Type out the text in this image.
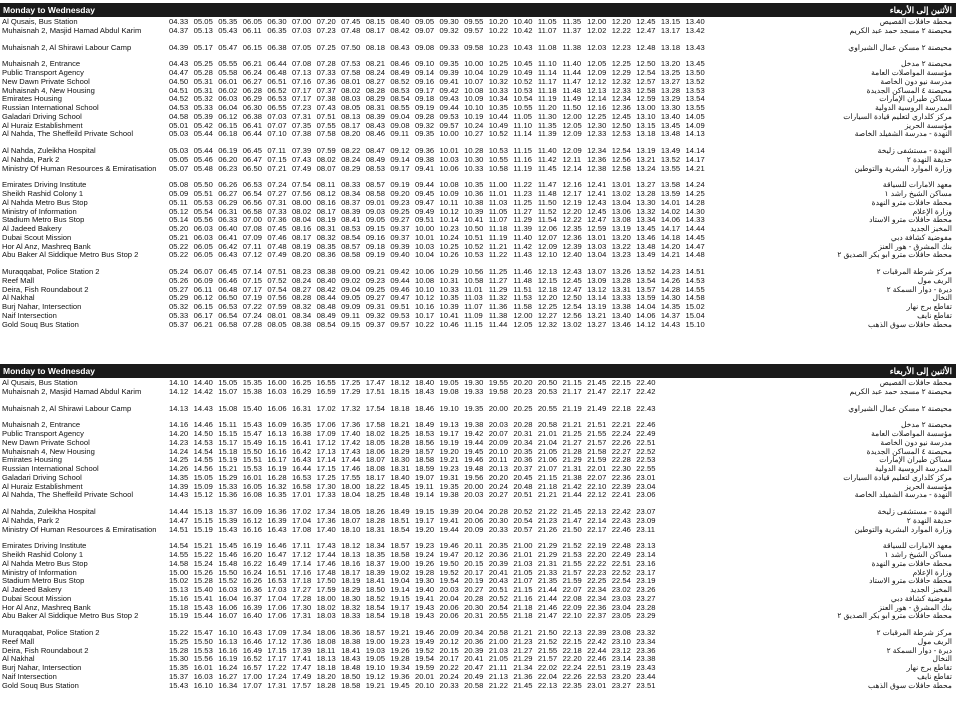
Monday to Wednesday	الأثنين إلى الأربعاء
Al Qusais, Bus Station	04.33 05.05 05.35 06.05 06.30 07.00 07.20 07.45 08.15 08.40 09.05 09.30 09.55 10.20 10.40 11.05 11.35 12.00 12.20 12.45 13.15 13.40	محطة حافلات القصيص
Muhaisnah 2, Masjid Hamad Abdul Karim	04.37 05.13 05.43 06.11 06.35 07.03 07.23 07.48 08.17 08.42 09.07 09.32 09.57 10.22 10.42 11.07 11.37 12.02 12.22 12.47 13.17 13.42	محيصنة ٢ مسجد حمد عبد الكريم
Muhaisnah 2, Al Shirawi Labour Camp	04.39 05.17 05.47 06.15 06.38 07.05 07.25 07.50 08.18 08.43 09.08 09.33 09.58 10.23 10.43 11.08 11.38 12.03 12.23 12.48 13.18 13.43	محيصنة ٢ مسكن عمال الشيراوي
Muhaisnah 2, Entrance	04.43 05.25 05.55 06.21 06.44 07.08 07.28 07.53 08.21 08.46 09.10 09.35 10.00 10.25 10.45 11.10 11.40 12.05 12.25 12.50 13.20 13.45	محيصنة ٢ مدخل
Public Transport Agency	04.47 05.28 05.58 06.24 06.48 07.13 07.33 07.58 08.24 08.49 09.14 09.39 10.04 10.29 10.49 11.14 11.44 12.09 12.29 12.54 13.25 13.50	مؤسسة المواصلات العامة
New Dawn Private School	04.50 05.31 06.01 06.27 06.51 07.16 07.36 08.01 08.27 08.52 09.16 09.41 10.07 10.32 10.52 11.17 11.47 12.12 12.32 12.57 13.27 13.52	مدرسة نيو دون الخاصة
Muhaisnah 4, New Housing	04.51 05.31 06.02 06.28 06.52 07.17 07.37 08.02 08.28 08.53 09.17 09.42 10.08 10.33 10.53 11.18 11.48 12.13 12.33 12.58 13.28 13.53	محيصنة ٤ المساكن الجديدة
Emirates Housing	04.52 05.32 06.03 06.29 06.53 07.17 07.38 08.03 08.29 08.54 09.18 09.43 10.09 10.34 10.54 11.19 11.49 12.14 12.34 12.59 13.29 13.54	مساكن طيران الإمارات
Russian International School	04.53 05.33 06.04 06.30 06.55 07.23 07.43 08.05 08.31 08.55 09.19 09.44 10.10 10.35 10.55 11.20 11.50 12.16 12.36 13.00 13.30 13.55	المدرسة الروسية الدولية
Galadari Driving School	04.58 05.39 06.12 06.38 07.03 07.31 07.51 08.13 08.39 09.04 09.28 09.53 10.19 10.44 11.05 11.30 12.00 12.25 12.45 13.10 13.40 14.05	مركز كلداري لتعليم قيادة السيارات
Al Huraiz Establishment	05.01 05.42 06.15 06.41 07.07 07.35 07.55 08.17 08.43 09.08 09.32 09.57 10.24 10.49 11.10 11.35 12.05 12.30 12.50 13.15 13.45 14.09	مؤسسة الحريز
Al Nahda, The Sheffeild Private School	05.03 05.44 06.18 06.44 07.10 07.38 07.58 08.20 08.46 09.11 09.35 10.00 10.27 10.52 11.14 11.39 12.09 12.33 12.53 13.18 13.48 14.13	النهدة - مدرسة الشفيلد الخاصة
Al Nahda, Zuleikha Hospital	05.03 05.44 06.19 06.45 07.11 07.39 07.59 08.22 08.47 09.12 09.36 10.01 10.28 10.53 11.15 11.40 12.09 12.34 12.54 13.19 13.49 14.14	النهدة - مستشفى زليخة
Al Nahda, Park 2	05.05 05.46 06.20 06.47 07.15 07.43 08.02 08.24 08.49 09.14 09.38 10.03 10.30 10.55 11.16 11.42 12.11 12.36 12.56 13.21 13.52 14.17	حديقة النهدة ٢
Ministry Of Human Resources & Emiratisation	05.07 05.48 06.23 06.50 07.21 07.49 08.07 08.29 08.53 09.17 09.41 10.06 10.33 10.58 11.19 11.45 12.14 12.38 12.58 13.24 13.55 14.21	وزارة الموارد البشرية والتوطين
Emirates Driving Institute	05.08 05.50 06.26 06.53 07.24 07.54 08.11 08.33 08.57 09.19 09.44 10.08 10.35 11.00 11.22 11.47 12.16 12.41 13.01 13.27 13.58 14.24	معهد الامارات للسياقة
Sheikh Rashid Colony 1	05.09 05.51 06.27 06.54 07.27 07.56 08.12 08.34 08.58 09.20 09.45 10.09 10.36 11.01 11.23 11.48 12.17 12.41 13.02 13.28 13.59 14.25	مساكن الشيخ راشد ١
Al Nahda Metro Bus Stop	05.11 05.53 06.29 06.56 07.31 08.00 08.16 08.37 09.01 09.23 09.47 10.11 10.38 11.03 11.25 11.50 12.19 12.43 13.04 13.30 14.01 14.28	محطة حافلات مترو النهدة
Ministry of Information	05.12 05.54 06.31 06.58 07.33 08.02 08.17 08.39 09.03 09.25 09.49 10.12 10.39 11.05 11.27 11.52 12.20 12.45 13.06 13.32 14.02 14.30	وزارة الإعلام
Stadium Metro Bus Stop	05.14 05.56 06.33 07.00 07.36 08.04 08.19 08.41 09.05 09.27 09.51 10.14 10.41 11.07 11.29 11.54 12.22 12.47 13.08 13.34 14.06 14.33	محطة حافلات مترو الاستاد
Al Jadeed Bakery	05.20 06.03 06.40 07.08 07.45 08.16 08.31 08.53 09.15 09.37 10.00 10.23 10.50 11.18 11.39 12.06 12.35 12.59 13.19 13.45 14.17 14.44	المخبز الجديد
Dubai Scout Mission	05.21 06.03 06.41 07.09 07.46 08.17 08.32 08.54 09.16 09.37 10.01 10.24 10.51 11.19 11.40 12.07 12.36 13.01 13.20 13.46 14.18 14.45	مفوضية كشافة دبي
Hor Al Anz, Mashreq Bank	05.22 06.05 06.42 07.11 07.48 08.19 08.35 08.57 09.18 09.39 10.03 10.25 10.52 11.21 11.42 12.09 12.39 13.03 13.22 13.48 14.20 14.47	بنك المشرق - هور العنز
Abu Baker Al Siddique Metro Bus Stop 2	05.22 06.05 06.43 07.12 07.49 08.20 08.36 08.58 09.19 09.40 10.04 10.26 10.53 11.22 11.43 12.10 12.40 13.04 13.23 13.49 14.21 14.48	محطة حافلات مترو أبو بكر الصديق ٢
Muraqqabat, Police Station 2	05.24 06.07 06.45 07.14 07.51 08.23 08.38 09.00 09.21 09.42 10.06 10.29 10.56 11.25 11.46 12.13 12.43 13.07 13.26 13.52 14.23 14.51	مركز شرطة المرقبات ٢
Reef Mall	05.26 06.09 06.46 07.15 07.52 08.24 08.40 09.02 09.23 09.44 10.08 10.31 10.58 11.27 11.48 12.15 12.45 13.09 13.28 13.54 14.26 14.53	الريف مول
Deira, Fish Roundabout 2	05.27 06.11 06.48 07.17 07.54 08.27 08.42 09.04 09.25 09.46 10.10 10.33 11.01 11.29 11.51 12.18 12.47 13.12 13.31 13.57 14.28 14.55	ديرة - دوار السمكة ٢
Al Nakhal	05.29 06.12 06.50 07.19 07.56 08.28 08.44 09.05 09.27 09.47 10.12 10.35 11.03 11.32 11.53 12.20 12.50 13.14 13.33 13.59 14.30 14.58	النخال
Burj Nahar, Intersection	05.32 06.15 06.53 07.22 07.59 08.32 08.48 09.09 09.31 09.51 10.16 10.39 11.07 11.36 11.58 12.25 12.54 13.19 13.38 14.04 14.35 15.02	تقاطع برج نهار
Naif Intersection	05.33 06.17 06.54 07.24 08.01 08.34 08.49 09.11 09.32 09.53 10.17 10.41 11.09 11.38 12.00 12.27 12.56 13.21 13.40 14.06 14.37 15.04	تقاطع نايف
Gold Souq Bus Station	05.37 06.21 06.58 07.28 08.05 08.38 08.54 09.15 09.37 09.57 10.22 10.46 11.15 11.44 12.05 12.32 13.02 13.27 13.46 14.12 14.43 15.10	محطة حافلات سوق الذهب
Monday to Wednesday	الأثنين إلى الأربعاء
Al Qusais, Bus Station	14.10 14.40 15.05 15.35 16.00 16.25 16.55 17.25 17.47 18.12 18.40 19.05 19.30 19.55 20.20 20.50 21.15 21.45 22.15 22.40	محطة حافلات القصيص
Muhaisnah 2, Masjid Hamad Abdul Karim	14.12 14.42 15.07 15.38 16.03 16.29 16.59 17.29 17.51 18.15 18.43 19.08 19.33 19.58 20.23 20.53 21.17 21.47 22.17 22.42	محيصنة ٢ مسجد حمد عبد الكريم
Muhaisnah 2, Al Shirawi Labour Camp	14.13 14.43 15.08 15.40 16.06 16.31 17.02 17.32 17.54 18.18 18.46 19.10 19.35 20.00 20.25 20.55 21.19 21.49 22.18 22.43	محيصنة ٢ مسكن عمال الشيراوي
Muhaisnah 2, Entrance	14.16 14.46 15.11 15.43 16.09 16.35 17.06 17.36 17.58 18.21 18.49 19.13 19.38 20.03 20.28 20.58 21.21 21.51 22.21 22.46	محيصنة ٢ مدخل
Public Transport Agency	14.20 14.50 15.15 15.47 16.13 16.38 17.09 17.40 18.02 18.25 18.53 19.17 19.42 20.07 20.31 21.01 21.25 21.55 22.24 22.49	مؤسسة المواصلات العامة
New Dawn Private School	14.23 14.53 15.17 15.49 16.15 16.41 17.12 17.42 18.05 18.28 18.56 19.19 19.44 20.09 20.34 21.04 21.27 21.57 22.26 22.51	مدرسة نيو دون الخاصة
Muhaisnah 4, New Housing	14.24 14.54 15.18 15.50 16.16 16.42 17.13 17.43 18.06 18.29 18.57 19.20 19.45 20.10 20.35 21.05 21.28 21.58 22.27 22.52	محيصنة ٤ المساكن الجديدة
Emirates Housing	14.25 14.55 15.19 15.51 16.17 16.43 17.14 17.44 18.07 18.30 18.58 19.21 19.46 20.11 20.36 21.06 21.29 21.59 22.28 22.53	مساكن طيران الإمارات
Russian International School	14.26 14.56 15.21 15.53 16.19 16.44 17.15 17.46 18.08 18.31 18.59 19.23 19.48 20.13 20.37 21.07 21.31 22.01 22.30 22.55	المدرسة الروسية الدولية
Galadari Driving School	14.35 15.05 15.29 16.01 16.28 16.53 17.25 17.55 18.17 18.40 19.07 19.31 19.56 20.20 20.45 21.15 21.38 22.07 22.36 23.01	مركز كلداري لتعليم قيادة السيارات
Al Huraiz Establishment	14.39 15.09 15.33 16.05 16.32 16.58 17.30 18.00 18.22 18.45 19.11 19.35 20.00 20.24 20.48 21.18 21.42 22.10 22.39 23.04	مؤسسة الحريز
Al Nahda, The Sheffeild Private School	14.43 15.12 15.36 16.08 16.35 17.01 17.33 18.04 18.25 18.48 19.14 19.38 20.03 20.27 20.51 21.21 21.44 22.12 22.41 23.06	النهدة - مدرسة الشفيلد الخاصة
Al Nahda, Zuleikha Hospital	14.44 15.13 15.37 16.09 16.36 17.02 17.34 18.05 18.26 18.49 19.15 19.39 20.04 20.28 20.52 21.22 21.45 22.13 22.42 23.07	النهدة - مستشفى زليخة
Al Nahda, Park 2	14.47 15.15 15.39 16.12 16.39 17.04 17.36 18.07 18.28 18.51 19.17 19.41 20.06 20.30 20.54 21.23 21.47 22.14 22.43 23.09	حديقة النهدة ٢
Ministry Of Human Resources & Emiratisation	14.51 15.19 15.43 16.16 16.43 17.08 17.40 18.10 18.31 18.54 19.20 19.44 20.09 20.33 20.57 21.26 21.50 22.17 22.46 23.11	وزارة الموارد البشرية والتوطين
Emirates Driving Institute	14.54 15.21 15.45 16.19 16.46 17.11 17.43 18.12 18.34 18.57 19.23 19.46 20.11 20.35 21.00 21.29 21.52 22.19 22.48 23.13	معهد الامارات للسياقة
Sheikh Rashid Colony 1	14.55 15.22 15.46 16.20 16.47 17.12 17.44 18.13 18.35 18.58 19.24 19.47 20.12 20.36 21.01 21.29 21.53 22.20 22.49 23.14	مساكن الشيخ راشد ١
Al Nahda Metro Bus Stop	14.58 15.24 15.48 16.22 16.49 17.14 17.46 18.16 18.37 19.00 19.26 19.50 20.15 20.39 21.03 21.31 21.55 22.22 22.51 23.16	محطة حافلات مترو النهدة
Ministry of Information	15.00 15.26 15.50 16.24 16.51 17.16 17.48 18.17 18.39 19.02 19.28 19.52 20.17 20.41 21.05 21.33 21.57 22.23 22.52 23.17	وزارة الإعلام
Stadium Metro Bus Stop	15.02 15.28 15.52 16.26 16.53 17.18 17.50 18.19 18.41 19.04 19.30 19.54 20.19 20.43 21.07 21.35 21.59 22.25 22.54 23.19	محطة حافلات مترو الاستاد
Al Jadeed Bakery	15.13 15.40 16.03 16.36 17.03 17.27 17.59 18.29 18.50 19.14 19.40 20.03 20.27 20.51 21.15 21.44 22.07 22.34 23.02 23.26	المخبز الجديد
Dubai Scout Mission	15.16 15.41 16.04 16.37 17.04 17.28 18.00 18.30 18.52 19.15 19.41 20.04 20.28 20.52 21.16 21.44 22.08 22.34 23.03 23.27	مفوضية كشافة دبي
Hor Al Anz, Mashreq Bank	15.18 15.43 16.06 16.39 17.06 17.30 18.02 18.32 18.54 19.17 19.43 20.06 20.30 20.54 21.18 21.46 22.09 22.36 23.04 23.28	بنك المشرق - هور العنز
Abu Baker Al Siddique Metro Bus Stop 2	15.19 15.44 16.07 16.40 17.06 17.31 18.03 18.33 18.54 19.18 19.43 20.06 20.31 20.55 21.18 21.47 22.10 22.37 23.05 23.29	محطة حافلات مترو أبو بكر الصديق ٢
Muraqqabat, Police Station 2	15.22 15.47 16.10 16.43 17.09 17.34 18.06 18.36 18.57 19.21 19.46 20.09 20.34 20.58 21.21 21.50 22.13 22.39 23.08 23.32	مركز شرطة المرقبات ٢
Reef Mall	15.25 15.50 16.13 16.46 17.12 17.36 18.08 18.38 19.00 19.23 19.49 20.12 20.36 21.00 21.23 21.52 22.15 22.42 23.10 23.34	الريف مول
Deira, Fish Roundabout 2	15.28 15.53 16.16 16.49 17.15 17.39 18.11 18.41 19.03 19.26 19.52 20.15 20.39 21.03 21.27 21.55 22.18 22.44 23.12 23.36	ديرة - دوار السمكة ٢
Al Nakhal	15.30 15.56 16.19 16.52 17.17 17.41 18.13 18.43 19.05 19.28 19.54 20.17 20.41 21.05 21.29 21.57 22.20 22.46 23.14 23.38	النخال
Burj Nahar, Intersection	15.35 16.01 16.24 16.57 17.22 17.47 18.18 18.48 19.10 19.34 19.59 20.22 20.47 21.11 21.34 22.02 22.24 22.51 23.19 23.43	تقاطع برج نهار
Naif Intersection	15.37 16.03 16.27 17.00 17.24 17.49 18.20 18.50 19.12 19.36 20.01 20.24 20.49 21.13 21.36 22.04 22.26 22.53 23.20 23.44	تقاطع نايف
Gold Souq Bus Station	15.43 16.10 16.34 17.07 17.31 17.57 18.28 18.58 19.21 19.45 20.10 20.33 20.58 21.22 21.45 22.13 22.35 23.01 23.27 23.51	محطة حافلات سوق الذهب
